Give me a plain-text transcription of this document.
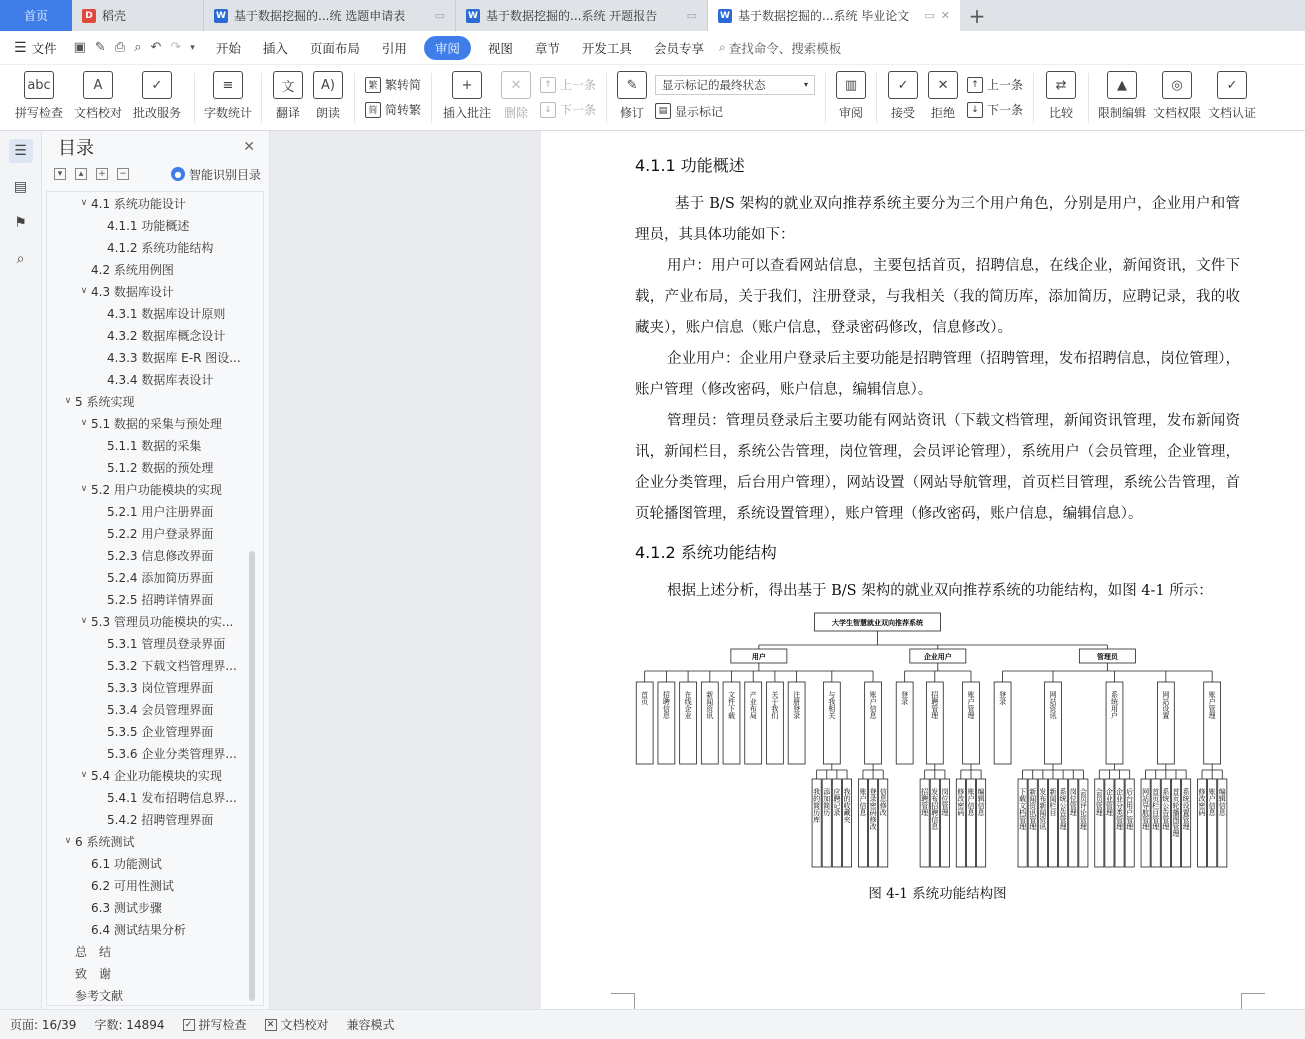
首页	D 稻壳	W 基于数据挖掘的...统 选题申请表	▭	W 基于数据挖掘的...系统 开题报告	▭	W 基于数据挖掘的...系统 毕业论文	▭ ✕ +
☰ 文件 ▣ ✎ ⎙ ⌕ ↶ ↷ ▾ 开始 插入 页面布局 引用	审阅	视图 章节 开发工具 会员专享 ⌕ 查找命令、搜索模板
abc
拼写检查
A
文档校对
✓
批改服务
≡
字数统计
文
翻译
A)
朗读
繁 繁转简
简 简转繁
+
插入批注
✕
删除
↑ 上一条
↓ 下一条
✎
修订
显示标记的最终状态	▾
▤ 显示标记
▥
审阅
✓
接受
✕
拒绝
↑ 上一条
↓ 下一条
⇄
比较
▲
限制编辑
◎
文档权限
✓
文档认证
☰
▤
⚑
⌕
目录	✕
▾	▴	+ −	● 智能识别目录
∨ 4.1 系统功能设计
4.1.1 功能概述
4.1.2 系统功能结构
4.2 系统用例图
∨ 4.3 数据库设计
4.3.1 数据库设计原则
4.3.2 数据库概念设计
4.3.3 数据库 E-R 图设...
4.3.4 数据库表设计
∨ 5 系统实现
∨ 5.1 数据的采集与预处理
5.1.1 数据的采集
5.1.2 数据的预处理
∨ 5.2 用户功能模块的实现
5.2.1 用户注册界面
5.2.2 用户登录界面
5.2.3 信息修改界面
5.2.4 添加简历界面
5.2.5 招聘详情界面
∨ 5.3 管理员功能模块的实...
5.3.1 管理员登录界面
5.3.2 下载文档管理界...
5.3.3 岗位管理界面
5.3.4 会员管理界面
5.3.5 企业管理界面
5.3.6 企业分类管理界...
∨ 5.4 企业功能模块的实现
5.4.1 发布招聘信息界...
5.4.2 招聘管理界面
∨ 6 系统测试
6.1 功能测试
6.2 可用性测试
6.3 测试步骤
6.4 测试结果分析
总　结
致　谢
参考文献
4.1.1 功能概述
基于 B/S 架构的就业双向推荐系统主要分为三个用户角色，分别是用户，企业用户和管理员，其具体功能如下：
用户：用户可以查看网站信息，主要包括首页，招聘信息，在线企业，新闻资讯，文件下载，产业布局，关于我们，注册登录，与我相关（我的简历库，添加简历，应聘记录，我的收藏夹），账户信息（账户信息，登录密码修改，信息修改）。
企业用户：企业用户登录后主要功能是招聘管理（招聘管理，发布招聘信息，岗位管理），账户管理（修改密码，账户信息，编辑信息）。
管理员：管理员登录后主要功能有网站资讯（下载文档管理，新闻资讯管理，发布新闻资讯，新闻栏目，系统公告管理，岗位管理，会员评论管理），系统用户（会员管理，企业管理，企业分类管理，后台用户管理），网站设置（网站导航管理，首页栏目管理，系统公告管理，首页轮播图管理，系统设置管理），账户管理（修改密码，账户信息，编辑信息）。
4.1.2 系统功能结构
根据上述分析，得出基于 B/S 架构的就业双向推荐系统的功能结构，如图 4-1 所示：
大学生智慧就业双向推荐系统
用户
首页 招聘信息 在线企业 新闻资讯 文件下载 产业布局 关于我们 注册登录	与我相关
我的简历库 添加简历 应聘记录 我的收藏夹
账户信息
账户信息 登录密码修改 信息修改
企业用户
登录	招聘管理
招聘管理 发布招聘信息 岗位管理
账户管理
修改密码 账户信息 编辑信息
管理员
登录	网站资讯
下载文档管理 新闻资讯管理 发布新闻资讯 新闻栏目 系统公告管理 岗位管理 会员评论管理
系统用户
会员管理 企业管理 企业分类管理 后台用户管理
网站设置
网站导航管理 首页栏目管理 系统公告管理 首页轮播图管理 系统设置管理
账户管理
修改密码 账户信息 编辑信息
图 4-1 系统功能结构图
页面: 16/39 字数: 14894 ✓ 拼写检查 ✕ 文档校对 兼容模式
